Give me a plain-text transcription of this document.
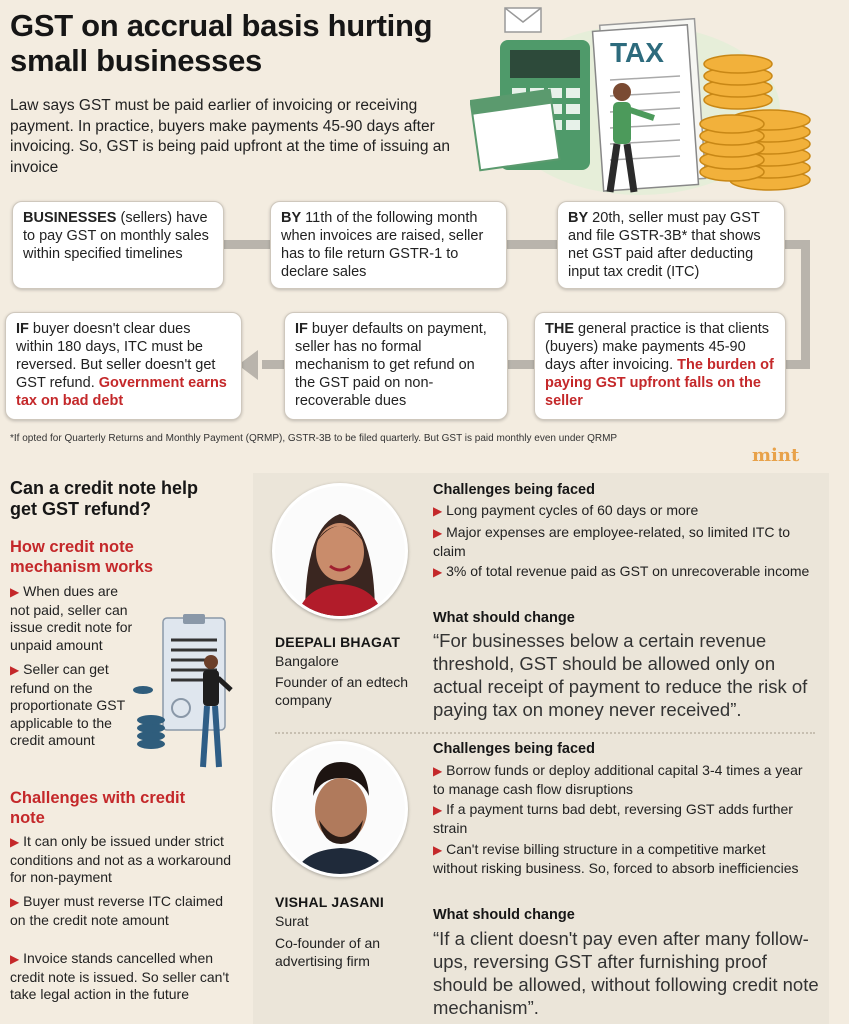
GST on accrual basis hurting
small businesses
Law says GST must be paid earlier of invoicing or receiving payment. In practice, buyers make payments 45-90 days after invoicing. So, GST is being paid upfront at the time of issuing an invoice
TAX
BUSINESSES (sellers) have to pay GST on monthly sales within specified timelines
BY 11th of the following month when invoices are raised, seller has to file return GSTR-1 to declare sales
BY 20th, seller must pay GST and file GSTR-3B* that shows net GST paid after deducting input tax credit (ITC)
THE general practice is that clients (buyers) make payments 45-90 days after invoicing. The burden of paying GST upfront falls on the seller
IF buyer defaults on payment, seller has no formal mechanism to get refund on the GST paid on non-recoverable dues
IF buyer doesn't clear dues within 180 days, ITC must be reversed. But seller doesn't get GST refund. Government earns tax on bad debt
*If opted for Quarterly Returns and Monthly Payment (QRMP), GSTR-3B to be filed quarterly. But GST is paid monthly even under QRMP
mint
Can a credit note help get GST refund?
How credit note mechanism works
▶ When dues are not paid, seller can issue credit note for unpaid amount
▶ Seller can get refund on the proportionate GST applicable to the credit amount
Challenges with credit note
▶ It can only be issued under strict conditions and not as a workaround for non-payment
▶ Buyer must reverse ITC claimed on the credit note amount
▶ Invoice stands cancelled when credit note is issued. So seller can't take legal action in the future
DEEPALI BHAGAT
Bangalore
Founder of an edtech company
Challenges being faced
▶ Long payment cycles of 60 days or more
▶ Major expenses are employee-related, so limited ITC to claim
▶ 3% of total revenue paid as GST on unrecoverable income
What should change
“For businesses below a certain revenue threshold, GST should be allowed only on actual receipt of payment to reduce the risk of paying tax on money never received”.
VISHAL JASANI
Surat
Co-founder of an advertising firm
Challenges being faced
▶ Borrow funds or deploy additional capital 3-4 times a year to manage cash flow disruptions
▶ If a payment turns bad debt, reversing GST adds further strain
▶ Can't revise billing structure in a competitive market without risking business. So, forced to absorb inefficiencies
What should change
“If a client doesn't pay even after many follow-ups, reversing GST after furnishing proof should be allowed, without following credit note mechanism”.
